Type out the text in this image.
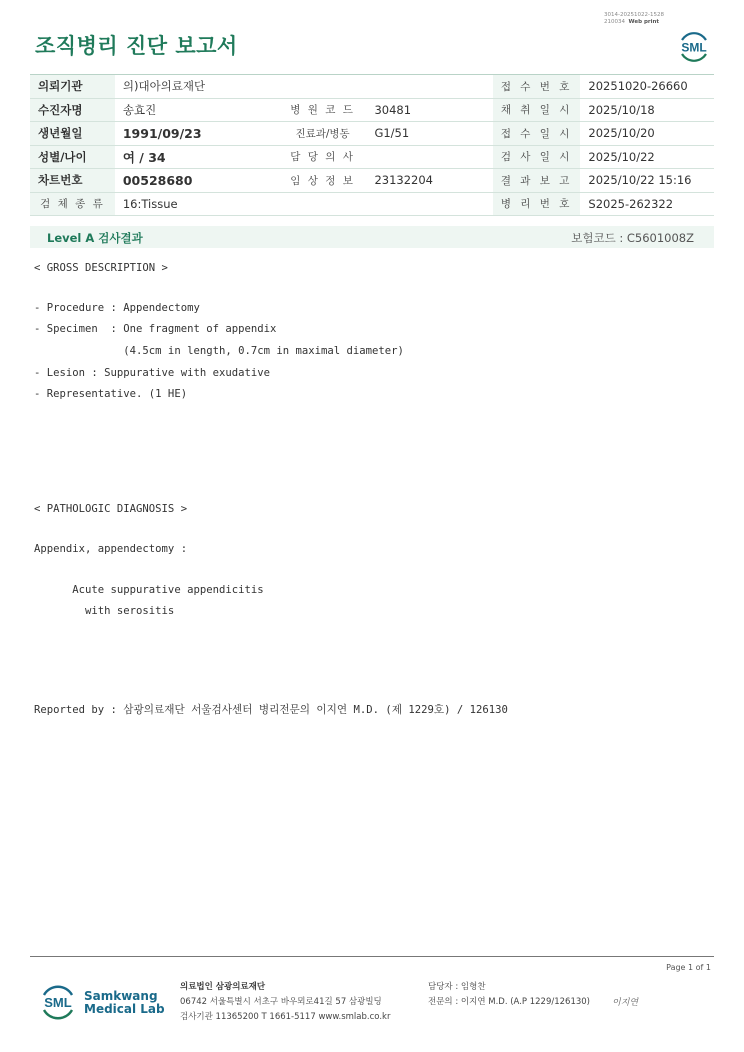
3014-20251022-1528
210034 Web print
조직병리 진단 보고서	SML
의뢰기관	의)대아의료재단			접 수 번 호	20251020-26660
수진자명	송효진	병 원 코 드	30481	채 취 일 시	2025/10/18
생년월일	1991/09/23	진료과/병동	G1/51	접 수 일 시	2025/10/20
성별/나이	여 / 34	담 당 의 사		검 사 일 시	2025/10/22
차트번호	00528680	임 상 정 보	23132204	결 과 보 고	2025/10/22 15:16
검 체 종 류	16:Tissue			병 리 번 호	S2025-262322
Level A 검사결과	보험코드 : C5601008Z
< GROSS DESCRIPTION >
- Procedure : Appendectomy
- Specimen  : One fragment of appendix
(4.5cm in length, 0.7cm in maximal diameter)
- Lesion : Suppurative with exudative
- Representative. (1 HE)
< PATHOLOGIC DIAGNOSIS >
Appendix, appendectomy :
Acute suppurative appendicitis
with serositis
Reported by : 삼광의료재단 서울검사센터 병리전문의 이지연 M.D. (제 1229호) / 126130
Page 1 of 1
SML Samkwang
Medical Lab
의료법인 삼광의료재단
06742 서울특별시 서초구 바우뫼로41길 57 삼광빌딩
검사기관 11365200 T 1661-5117 www.smlab.co.kr
담당자 : 임형찬
전문의 : 이지연 M.D. (A.P 1229/126130) 이지연
